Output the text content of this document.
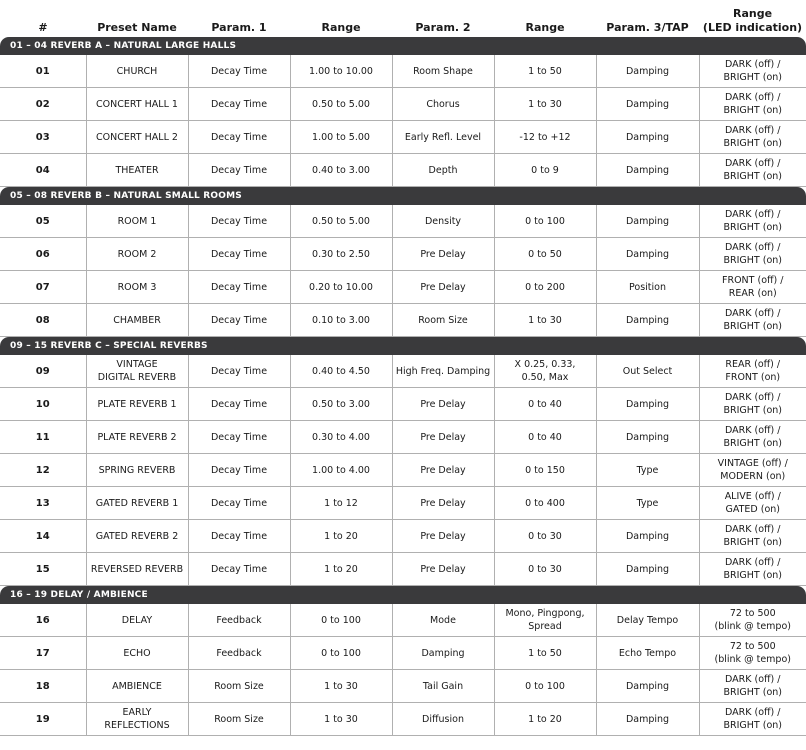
#	Preset Name	Param. 1	Range	Param. 2	Range	Param. 3/TAP	Range
(LED indication)
01 – 04 REVERB A – NATURAL LARGE HALLS							
01	CHURCH	Decay Time	1.00 to 10.00	Room Shape	1 to 50	Damping	DARK (off) /
BRIGHT (on)
02	CONCERT HALL 1	Decay Time	0.50 to 5.00	Chorus	1 to 30	Damping	DARK (off) /
BRIGHT (on)
03	CONCERT HALL 2	Decay Time	1.00 to 5.00	Early Refl. Level	-12 to +12	Damping	DARK (off) /
BRIGHT (on)
04	THEATER	Decay Time	0.40 to 3.00	Depth	0 to 9	Damping	DARK (off) /
BRIGHT (on)
05 – 08 REVERB B – NATURAL SMALL ROOMS							
05	ROOM 1	Decay Time	0.50 to 5.00	Density	0 to 100	Damping	DARK (off) /
BRIGHT (on)
06	ROOM 2	Decay Time	0.30 to 2.50	Pre Delay	0 to 50	Damping	DARK (off) /
BRIGHT (on)
07	ROOM 3	Decay Time	0.20 to 10.00	Pre Delay	0 to 200	Position	FRONT (off) /
REAR (on)
08	CHAMBER	Decay Time	0.10 to 3.00	Room Size	1 to 30	Damping	DARK (off) /
BRIGHT (on)
09 – 15 REVERB C – SPECIAL REVERBS							
09	VINTAGE
DIGITAL REVERB	Decay Time	0.40 to 4.50	High Freq. Damping	X 0.25, 0.33,
0.50, Max	Out Select	REAR (off) /
FRONT (on)
10	PLATE REVERB 1	Decay Time	0.50 to 3.00	Pre Delay	0 to 40	Damping	DARK (off) /
BRIGHT (on)
11	PLATE REVERB 2	Decay Time	0.30 to 4.00	Pre Delay	0 to 40	Damping	DARK (off) /
BRIGHT (on)
12	SPRING REVERB	Decay Time	1.00 to 4.00	Pre Delay	0 to 150	Type	VINTAGE (off) /
MODERN (on)
13	GATED REVERB 1	Decay Time	1 to 12	Pre Delay	0 to 400	Type	ALIVE (off) /
GATED (on)
14	GATED REVERB 2	Decay Time	1 to 20	Pre Delay	0 to 30	Damping	DARK (off) /
BRIGHT (on)
15	REVERSED REVERB	Decay Time	1 to 20	Pre Delay	0 to 30	Damping	DARK (off) /
BRIGHT (on)
16 – 19 DELAY / AMBIENCE							
16	DELAY	Feedback	0 to 100	Mode	Mono, Pingpong,
Spread	Delay Tempo	72 to 500
(blink @ tempo)
17	ECHO	Feedback	0 to 100	Damping	1 to 50	Echo Tempo	72 to 500
(blink @ tempo)
18	AMBIENCE	Room Size	1 to 30	Tail Gain	0 to 100	Damping	DARK (off) /
BRIGHT (on)
19	EARLY REFLECTIONS	Room Size	1 to 30	Diffusion	1 to 20	Damping	DARK (off) /
BRIGHT (on)
